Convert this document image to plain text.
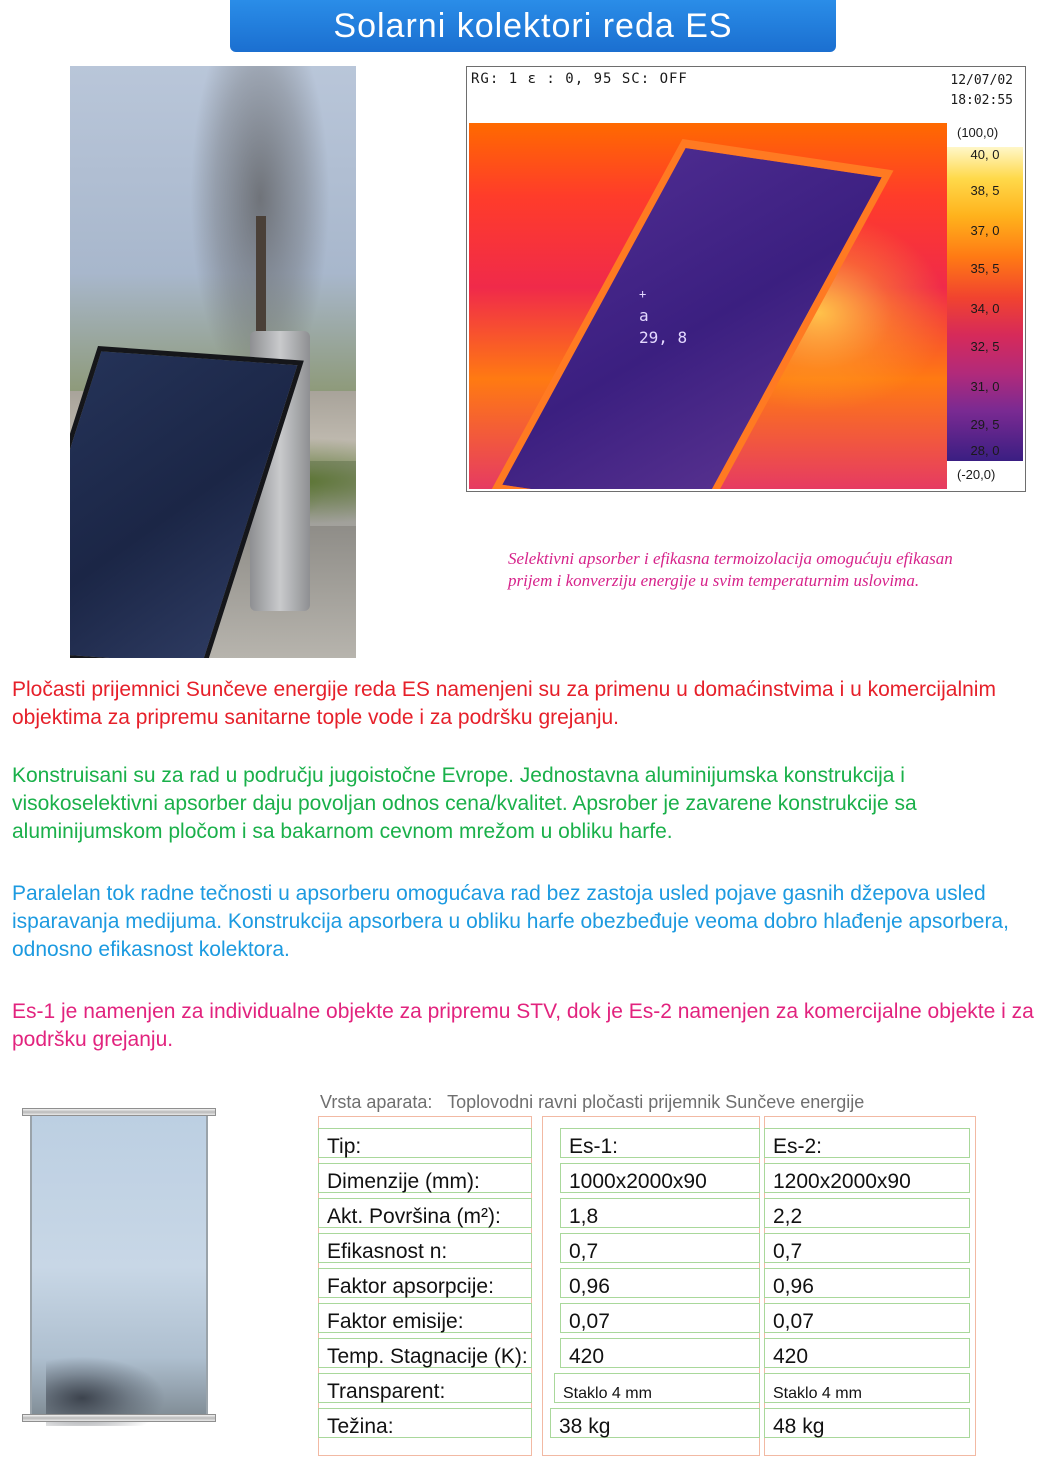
Solarni kolektori reda ES
RG: 1 ε : 0, 95 SC: OFF	12/07/02
18:02:55
+
a
29, 8
(100,0)
40, 0
38, 5
37, 0
35, 5
34, 0
32, 5
31, 0
29, 5
28, 0
(-20,0)
Selektivni apsorber i efikasna termoizolacija omogućuju efikasan prijem i konverziju energije u svim temperaturnim uslovima.
Pločasti prijemnici Sunčeve energije reda ES namenjeni su za primenu u domaćinstvima i u komercijalnim objektima za pripremu sanitarne tople vode i za podršku grejanju.
Konstruisani su za rad u području jugoistočne Evrope. Jednostavna aluminijumska konstrukcija i visokoselektivni apsorber daju povoljan odnos cena/kvalitet. Apsrober je zavarene konstrukcije sa aluminijumskom pločom i sa bakarnom cevnom mrežom u obliku harfe.
Paralelan tok radne tečnosti u apsorberu omogućava rad bez zastoja usled pojave gasnih džepova usled isparavanja medijuma. Konstrukcija apsorbera u obliku harfe obezbeđuje veoma dobro hlađenje apsorbera, odnosno efikasnost kolektora.
Es-1 je namenjen za individualne objekte za pripremu STV, dok je Es-2 namenjen za komercijalne objekte i za podršku grejanju.
Vrsta aparata: Toplovodni ravni pločasti prijemnik Sunčeve energije
Tip:	Es-1:	Es-2:
Dimenzije (mm):	1000x2000x90	1200x2000x90
Akt. Površina (m²):	1,8	2,2
Efikasnost n:	0,7	0,7
Faktor apsorpcije:	0,96	0,96
Faktor emisije:	0,07	0,07
Temp. Stagnacije (K):	420	420
Transparent:	Staklo 4 mm	Staklo 4 mm
Težina:	38 kg	48 kg
